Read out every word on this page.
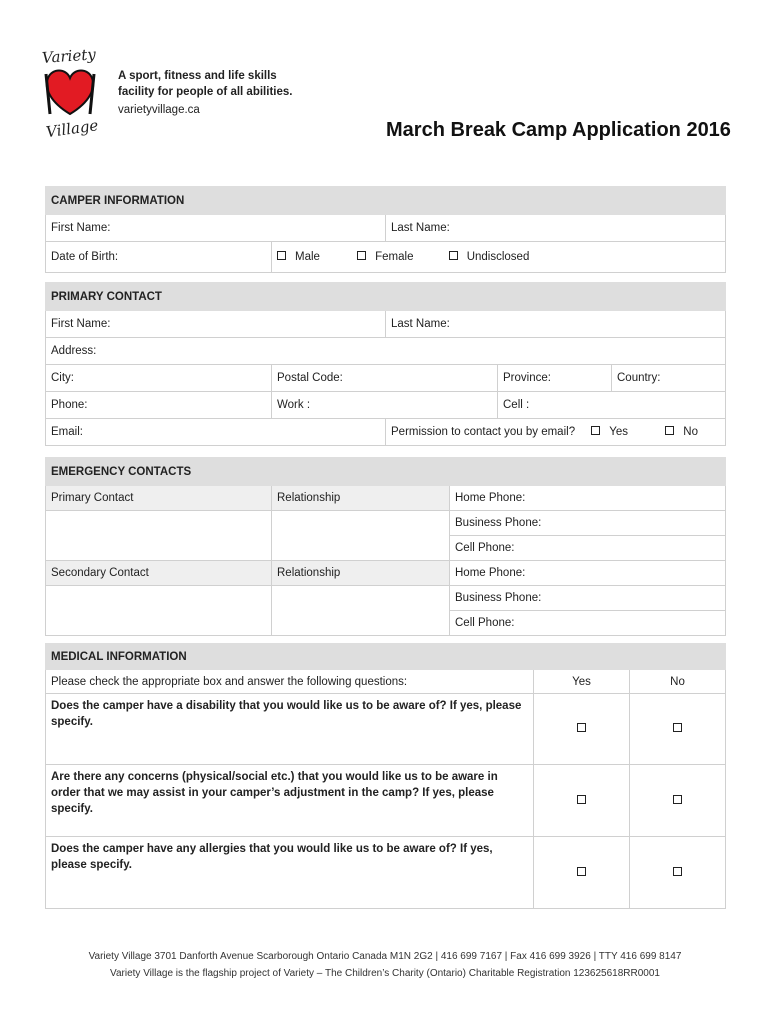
Variety
Village
A sport, fitness and life skills
facility for people of all abilities.
varietyvillage.ca
March Break Camp Application 2016
CAMPER INFORMATION		
First Name:		Last Name:
Date of Birth:	Male Female Undisclosed	
PRIMARY CONTACT				
First Name:		Last Name:		
Address:				
City:	Postal Code:		Province:	Country:
Phone:	Work :		Cell :	
Email:		Permission to contact you by email? Yes No		
EMERGENCY CONTACTS		
Primary Contact	Relationship	Home Phone:
		Business Phone:
		Cell Phone:
Secondary Contact	Relationship	Home Phone:
		Business Phone:
		Cell Phone:
MEDICAL INFORMATION		
Please check the appropriate box and answer the following questions:	Yes	No
Does the camper have a disability that you would like us to be aware of? If yes, please specify.		
Are there any concerns (physical/social etc.) that you would like us to be aware in order that we may assist in your camper’s adjustment in the camp? If yes, please specify.		
Does the camper have any allergies that you would like us to be aware of? If yes, please specify.		
Variety Village 3701 Danforth Avenue Scarborough Ontario Canada M1N 2G2 | 416 699 7167 | Fax 416 699 3926 | TTY 416 699 8147
Variety Village is the flagship project of Variety – The Children’s Charity (Ontario) Charitable Registration 123625618RR0001
